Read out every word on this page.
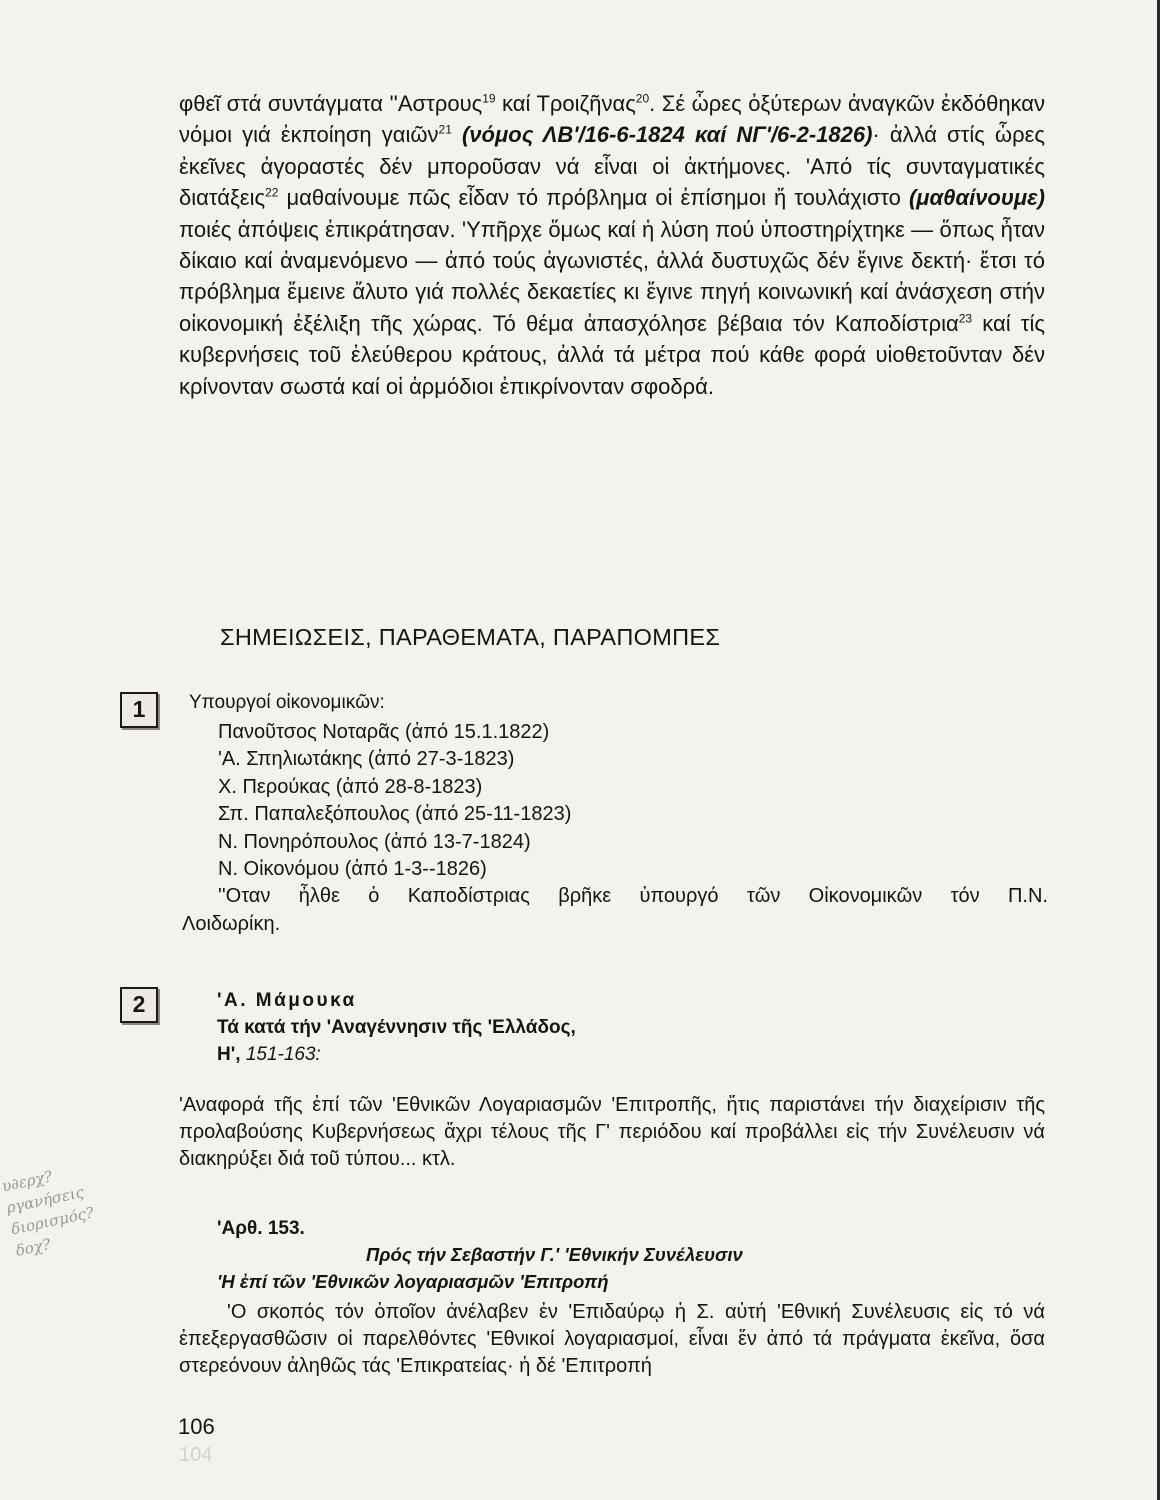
φθεῖ στά συντάγματα ''Αστρους$^{19}$ καί Τροιζῆνας$^{20}$. Σέ ὧρες ὀξύτερων ἀναγκῶν ἐκδόθηκαν νόμοι γιά ἐκποίηση γαιῶν$^{21}$ (νόμος ΛΒ'/16-6-1824 καί ΝΓ'/6-2-1826)· ἀλλά στίς ὧρες ἐκεῖνες ἀγοραστές δέν μποροῦσαν νά εἶναι οἱ ἀκτήμονες. 'Από τίς συνταγματικές διατάξεις$^{22}$ μαθαίνουμε πῶς εἶδαν τό πρόβλημα οἱ ἐπίσημοι ἤ τουλάχιστο (μαθαίνουμε) ποιές ἀπόψεις ἐπικράτησαν. 'Υπῆρχε ὅμως καί ἡ λύση πού ὑποστηρίχτηκε — ὅπως ἦταν δίκαιο καί ἀναμενόμενο — ἀπό τούς ἀγωνιστές, ἀλλά δυστυχῶς δέν ἔγινε δεκτή· ἔτσι τό πρόβλημα ἔμεινε ἄλυτο γιά πολλές δεκαετίες κι ἔγινε πηγή κοινωνική καί ἀνάσχεση στήν οἰκονομική ἐξέλιξη τῆς χώρας. Τό θέμα ἀπασχόλησε βέβαια τόν Καποδίστρια$^{23}$ καί τίς κυβερνήσεις τοῦ ἐλεύθερου κράτους, ἀλλά τά μέτρα πού κάθε φορά υἱοθετοῦνταν δέν κρίνονταν σωστά καί οἱ ἁρμόδιοι ἐπικρίνονταν σφοδρά.

ΣΗΜΕΙΩΣΕΙΣ, ΠΑΡΑΘΕΜΑΤΑ, ΠΑΡΑΠΟΜΠΕΣ
1	Υπουργοί οἰκονομικῶν:
Πανοῦτσος Νοταρᾶς (ἀπό 15.1.1822)
'Α. Σπηλιωτάκης (ἀπό 27-3-1823)
Χ. Περούκας (ἀπό 28-8-1823)
Σπ. Παπαλεξόπουλος (ἀπό 25-11-1823)
Ν. Πονηρόπουλος (ἀπό 13-7-1824)
Ν. Οἰκονόμου (ἀπό 1-3--1826)
''Οταν ἦλθε ὁ Καποδίστριας βρῆκε ὑπουργό τῶν Οἰκονομικῶν τόν Π.Ν.
Λοιδωρίκη.
2	'Α. Μάμουκα
Τά κατά τήν 'Αναγέννησιν τῆς 'Ελλάδος,
Η', 151-163:
'Αναφορά τῆς ἐπί τῶν 'Εθνικῶν Λογαριασμῶν 'Επιτροπῆς, ἥτις παριστάνει τήν διαχείρισιν τῆς προλαβούσης Κυβερνήσεως ἄχρι τέλους τῆς Γ' περιόδου καί προβάλλει εἰς τήν Συνέλευσιν νά διακηρύξει διά τοῦ τύπου... κτλ.
'Αρθ. 153.
Πρός τήν Σεβαστήν Γ.' 'Εθνικήν Συνέλευσιν
'Η ἐπί τῶν 'Εθνικῶν λογαριασμῶν 'Επιτροπή
'Ο σκοπός τόν ὁποῖον ἀνέλαβεν ἐν 'Επιδαύρῳ ἡ Σ. αὐτή 'Εθνική Συνέλευσις εἰς τό νά ἐπεξεργασθῶσιν οἱ παρελθόντες 'Εθνικοί λογαριασμοί, εἶναι ἕν ἀπό τά πράγματα ἐκεῖνα, ὅσα στερεόνουν ἀληθῶς τάς 'Επικρατείας· ἡ δέ 'Επιτροπή
106
104
υ∂ερχ? ργανήσεις διορισμός? δοχ?
